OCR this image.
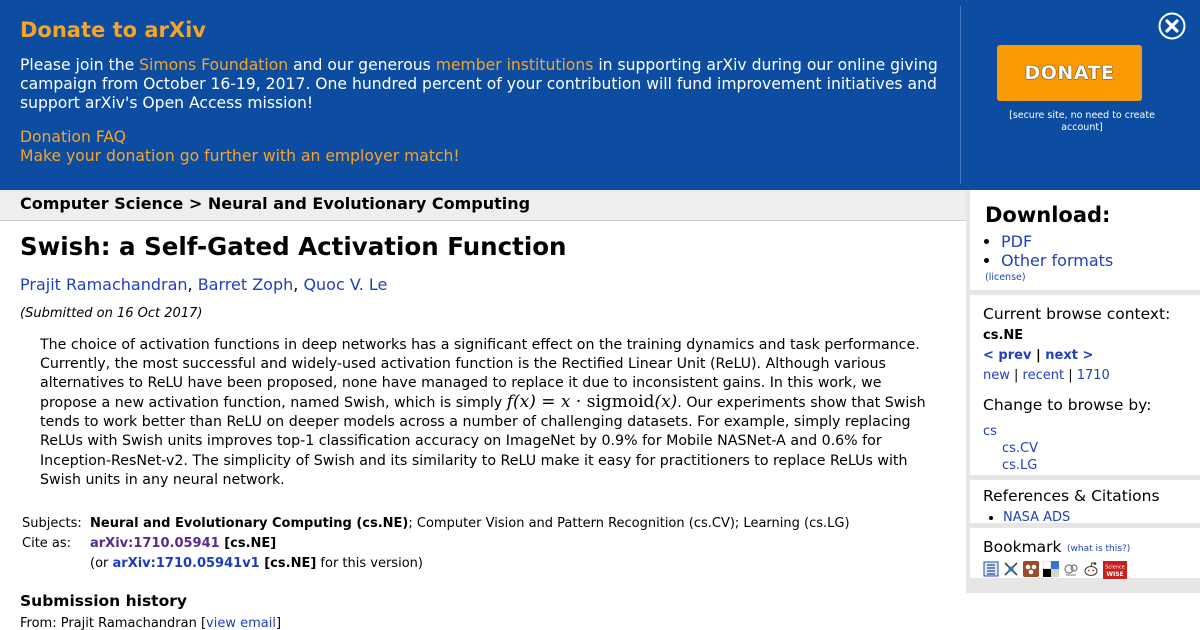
Donate to arXiv
Please join the Simons Foundation and our generous member institutions in supporting arXiv during our online giving campaign from October 16-19, 2017. One hundred percent of your contribution will fund improvement initiatives and support arXiv's Open Access mission!
Donation FAQ
Make your donation go further with an employer match!
DONATE
[secure site, no need to create account]
Computer Science > Neural and Evolutionary Computing
Swish: a Self-Gated Activation Function
Prajit Ramachandran, Barret Zoph, Quoc V. Le
(Submitted on 16 Oct 2017)
The choice of activation functions in deep networks has a significant effect on the training dynamics and task performance. Currently, the most successful and widely-used activation function is the Rectified Linear Unit (ReLU). Although various alternatives to ReLU have been proposed, none have managed to replace it due to inconsistent gains. In this work, we propose a new activation function, named Swish, which is simply f(x) = x · sigmoid(x). Our experiments show that Swish tends to work better than ReLU on deeper models across a number of challenging datasets. For example, simply replacing ReLUs with Swish units improves top-1 classification accuracy on ImageNet by 0.9% for Mobile NASNet-A and 0.6% for Inception-ResNet-v2. The simplicity of Swish and its similarity to ReLU make it easy for practitioners to replace ReLUs with Swish units in any neural network.
Subjects: Neural and Evolutionary Computing (cs.NE); Computer Vision and Pattern Recognition (cs.CV); Learning (cs.LG)
Cite as:	arXiv:1710.05941 [cs.NE]
(or arXiv:1710.05941v1 [cs.NE] for this version)
Submission history
From: Prajit Ramachandran [view email]
Download:
• PDF
• Other formats
(license)
Current browse context:
cs.NE
< prev | next >
new | recent | 1710
Change to browse by:
cs
cs.CV
cs.LG
References & Citations
• NASA ADS
Bookmark (what is this?)
Science
WISE
